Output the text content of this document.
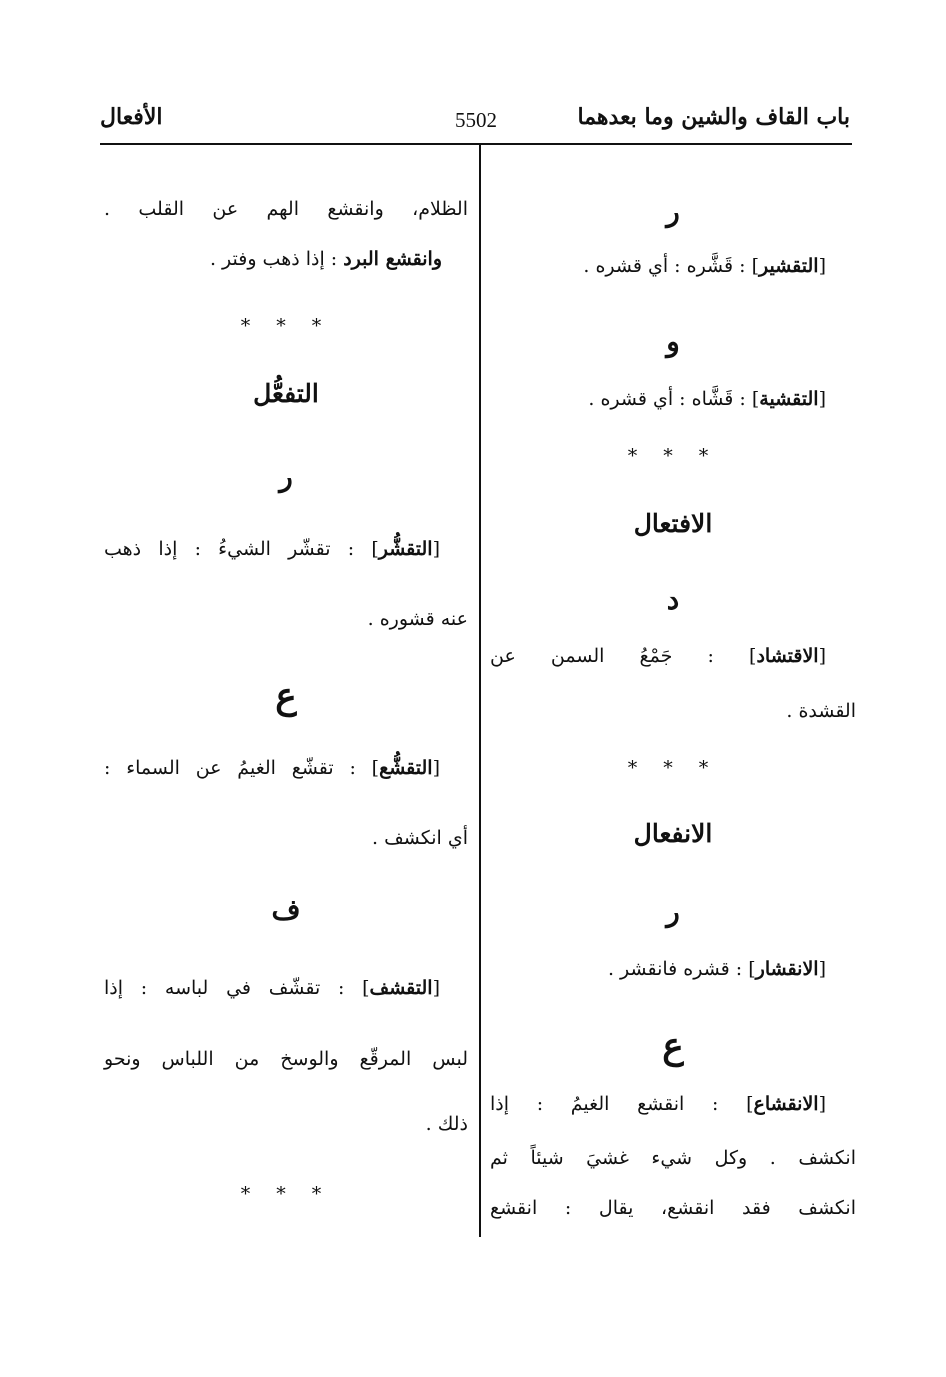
باب القاف والشين وما بعدهما
5502
الأفعال
ر
[التقشير] : قَشَّره : أي قشره .
و
[التقشية] : قَشَّاه : أي قشره .
* * *
الافتعال
د
[الاقتشاد] : جَمْعُ السمن عن
القشدة .
* * *
الانفعال
ر
[الانقشار] : قشره فانقشر .
ع
[الانقشاع] : انقشع الغيمُ : إذا
انكشف . وكل شيء غشيَ شيئاً ثم
انكشف فقد انقشع، يقال : انقشع
الظلام، وانقشع الهم عن القلب .
وانقشع البرد : إذا ذهب وفتر .
* * *
التفعُّل
ر
[التقشُّر] : تقشّر الشيءُ : إذا ذهب
عنه قشوره .
ع
[التقشُّع] : تقشّع الغيمُ عن السماء :
أي انكشف .
ف
[التقشف] : تقشّف في لباسه : إذا
لبس المرقّع والوسخ من اللباس ونحو
ذلك .
* * *
